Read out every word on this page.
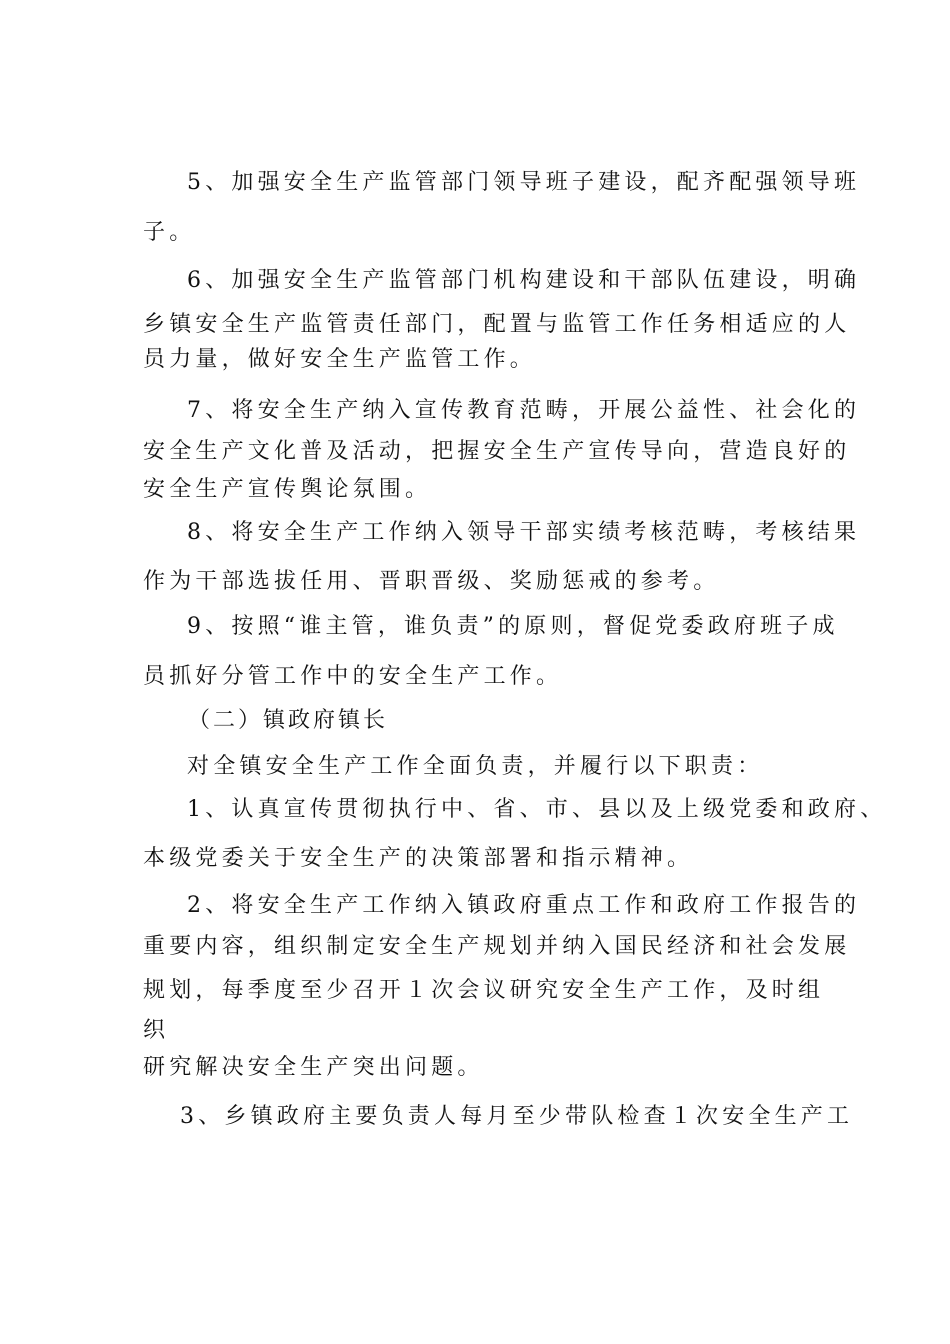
5、加强安全生产监管部门领导班子建设，配齐配强领导班
子。
6、加强安全生产监管部门机构建设和干部队伍建设，明确
乡镇安全生产监管责任部门，配置与监管工作任务相适应的人
员力量，做好安全生产监管工作。
7、将安全生产纳入宣传教育范畴，开展公益性、社会化的
安全生产文化普及活动，把握安全生产宣传导向，营造良好的
安全生产宣传舆论氛围。
8、将安全生产工作纳入领导干部实绩考核范畴，考核结果
作为干部选拔任用、晋职晋级、奖励惩戒的参考。
9、按照“谁主管，谁负责”的原则，督促党委政府班子成
员抓好分管工作中的安全生产工作。
（二）镇政府镇长
对全镇安全生产工作全面负责，并履行以下职责：
1、认真宣传贯彻执行中、省、市、县以及上级党委和政府、
本级党委关于安全生产的决策部署和指示精神。
2、将安全生产工作纳入镇政府重点工作和政府工作报告的
重要内容，组织制定安全生产规划并纳入国民经济和社会发展
规划，每季度至少召开１次会议研究安全生产工作，及时组
织
研究解决安全生产突出问题。
3、乡镇政府主要负责人每月至少带队检查１次安全生产工
